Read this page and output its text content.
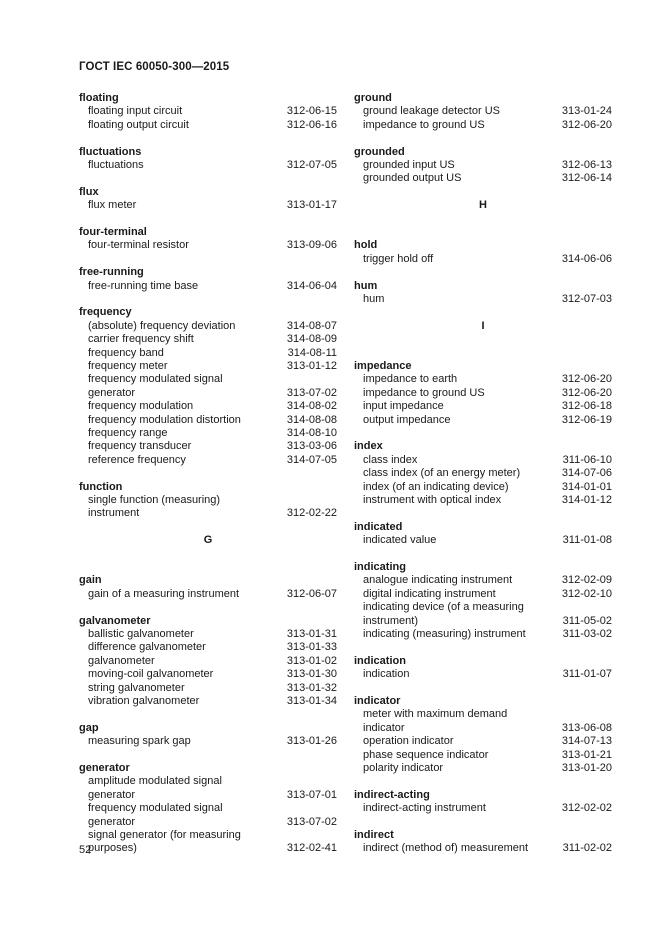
ГОСТ IEC 60050-300—2015
floating
floating input circuit	312-06-15
floating output circuit	312-06-16
fluctuations
fluctuations	312-07-05
flux
flux meter	313-01-17
four-terminal
four-terminal resistor	313-09-06
free-running
free-running time base	314-06-04
frequency
(absolute) frequency deviation	314-08-07
carrier frequency shift	314-08-09
frequency band	314-08-11
frequency meter	313-01-12
frequency modulated signal generator	313-07-02
frequency modulation	314-08-02
frequency modulation distortion	314-08-08
frequency range	314-08-10
frequency transducer	313-03-06
reference frequency	314-07-05
function
single function (measuring) instrument	312-02-22
G
gain
gain of a measuring instrument	312-06-07
galvanometer
ballistic galvanometer	313-01-31
difference galvanometer	313-01-33
galvanometer	313-01-02
moving-coil galvanometer	313-01-30
string galvanometer	313-01-32
vibration galvanometer	313-01-34
gap
measuring spark gap	313-01-26
generator
amplitude modulated signal generator	313-07-01
frequency modulated signal generator	313-07-02
signal generator (for measuring purposes)	312-02-41
ground
ground leakage detector US	313-01-24
impedance to ground US	312-06-20
grounded
grounded input US	312-06-13
grounded output US	312-06-14
H
hold
trigger hold off	314-06-06
hum
hum	312-07-03
I
impedance
impedance to earth	312-06-20
impedance to ground US	312-06-20
input impedance	312-06-18
output impedance	312-06-19
index
class index	311-06-10
class index (of an energy meter)	314-07-06
index (of an indicating device)	314-01-01
instrument with optical index	314-01-12
indicated
indicated value	311-01-08
indicating
analogue indicating instrument	312-02-09
digital indicating instrument	312-02-10
indicating device (of a measuring instrument)	311-05-02
indicating (measuring) instrument	311-03-02
indication
indication	311-01-07
indicator
meter with maximum demand indicator	313-06-08
operation indicator	314-07-13
phase sequence indicator	313-01-21
polarity indicator	313-01-20
indirect-acting
indirect-acting instrument	312-02-02
indirect
indirect (method of) measurement	311-02-02
52
